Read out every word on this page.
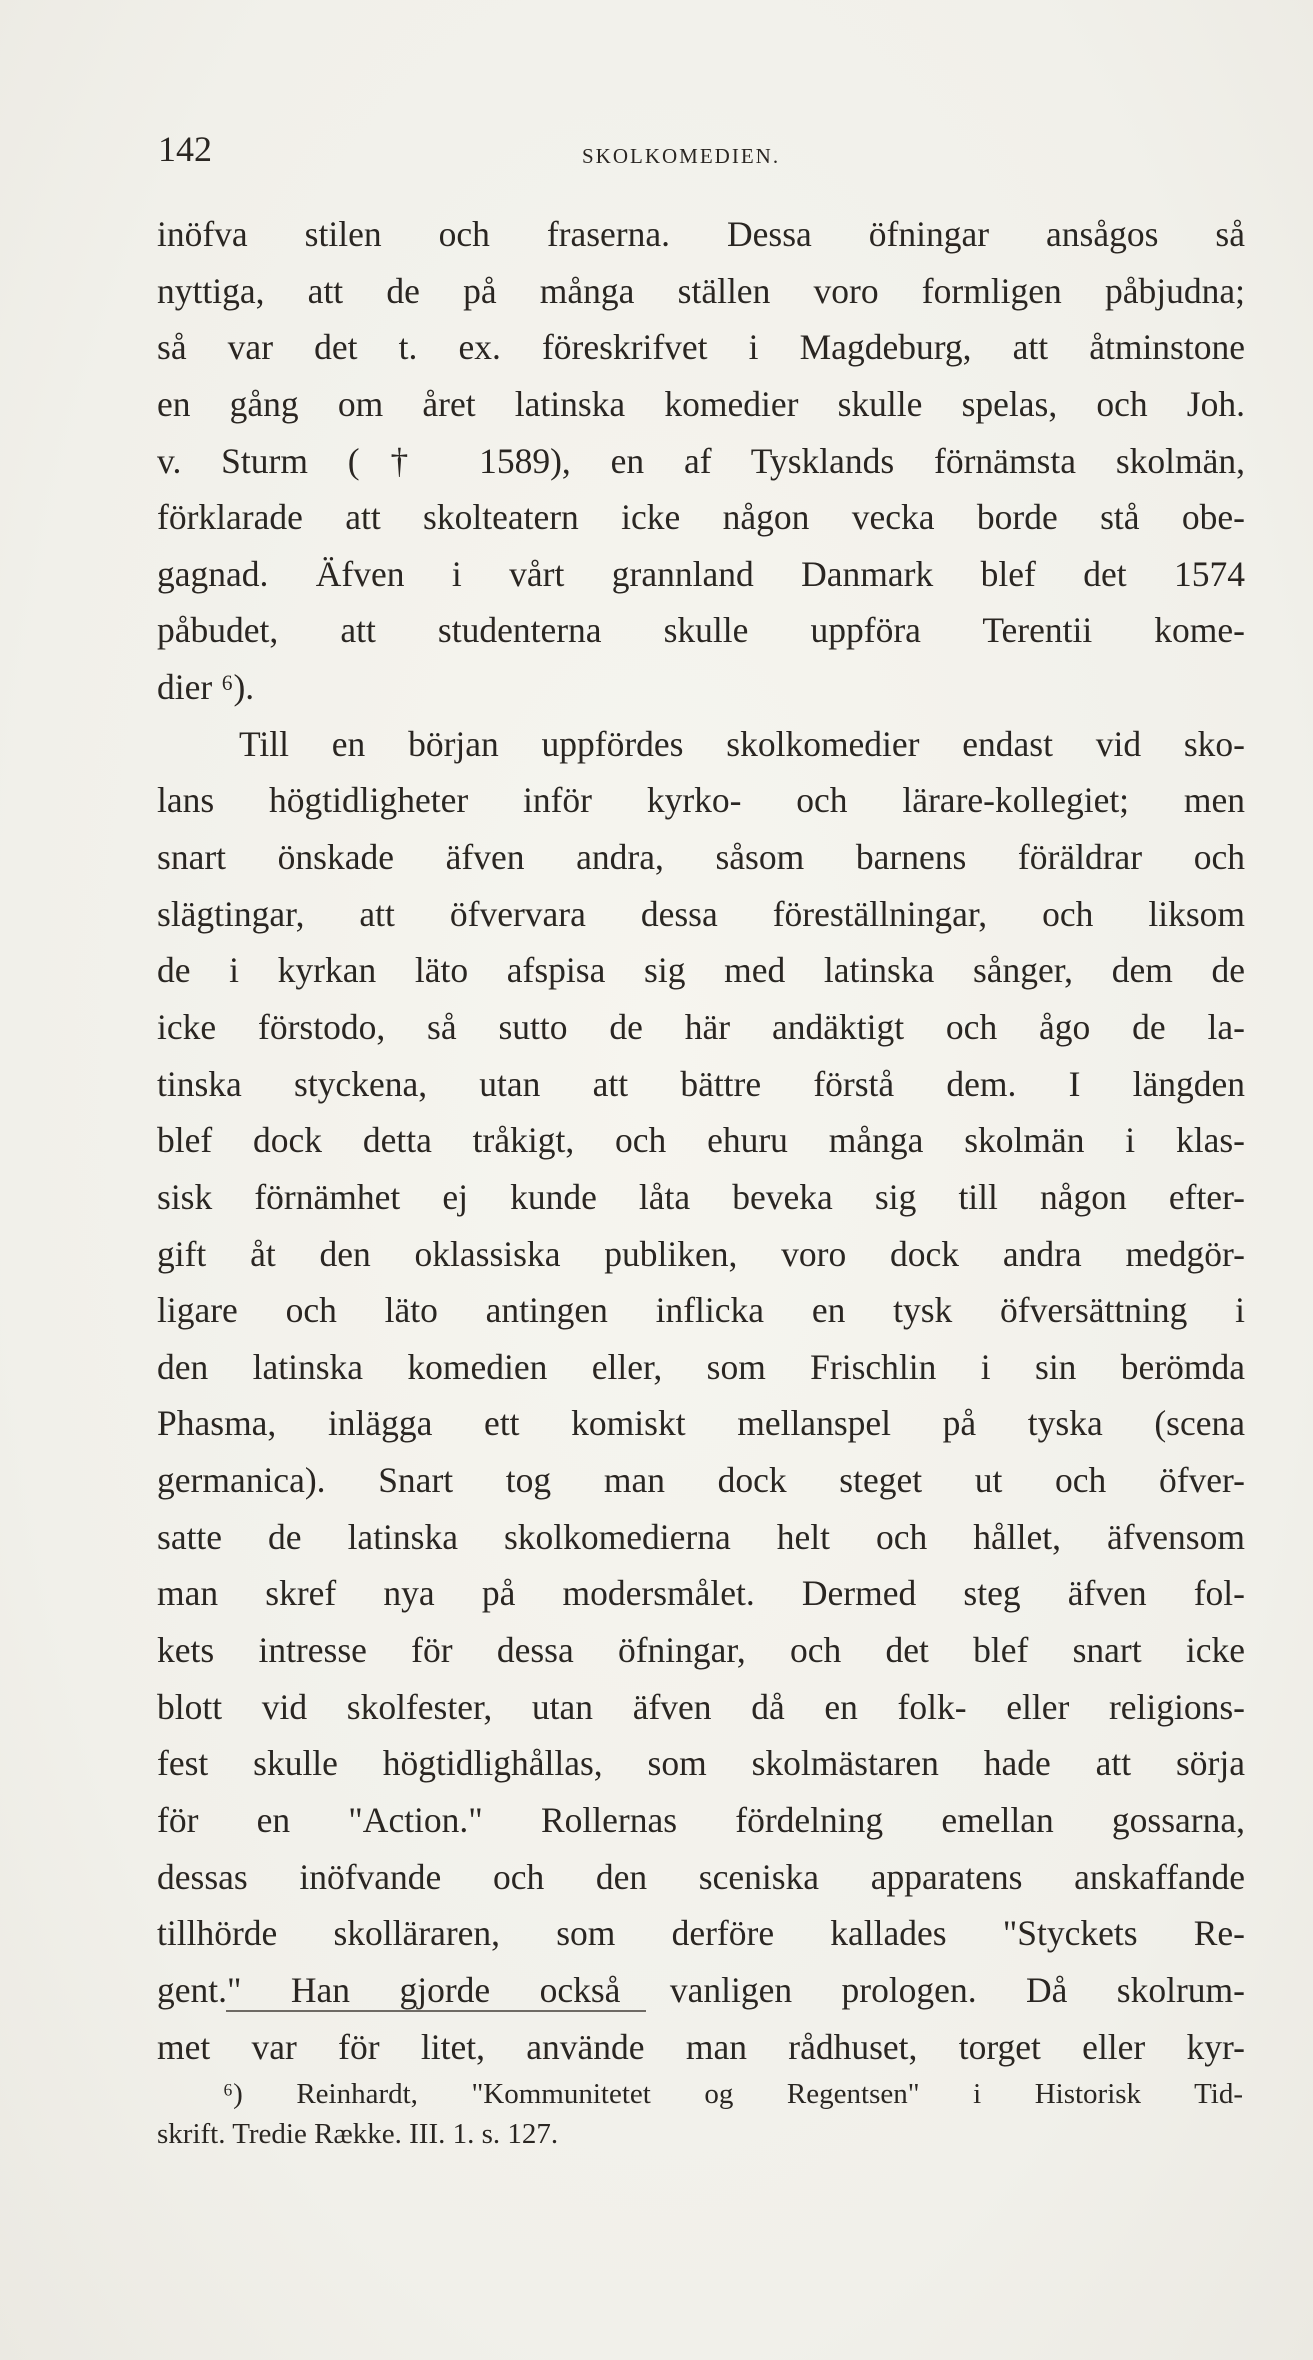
142	SKOLKOMEDIEN.
inöfva stilen och fraserna. Dessa öfningar ansågos så
nyttiga, att de på många ställen voro formligen påbjudna;
så var det t. ex. föreskrifvet i Magdeburg, att åtminstone
en gång om året latinska komedier skulle spelas, och Joh.
v. Sturm († 1589), en af Tysklands förnämsta skolmän,
förklarade att skolteatern icke någon vecka borde stå obe-
gagnad. Äfven i vårt grannland Danmark blef det 1574
påbudet, att studenterna skulle uppföra Terentii kome-
dier ⁶).
Till en början uppfördes skolkomedier endast vid sko-
lans högtidligheter inför kyrko- och lärare-kollegiet; men
snart önskade äfven andra, såsom barnens föräldrar och
slägtingar, att öfvervara dessa föreställningar, och liksom
de i kyrkan läto afspisa sig med latinska sånger, dem de
icke förstodo, så sutto de här andäktigt och ågo de la-
tinska styckena, utan att bättre förstå dem. I längden
blef dock detta tråkigt, och ehuru många skolmän i klas-
sisk förnämhet ej kunde låta beveka sig till någon efter-
gift åt den oklassiska publiken, voro dock andra medgör-
ligare och läto antingen inflicka en tysk öfversättning i
den latinska komedien eller, som Frischlin i sin berömda
Phasma, inlägga ett komiskt mellanspel på tyska (scena
germanica). Snart tog man dock steget ut och öfver-
satte de latinska skolkomedierna helt och hållet, äfvensom
man skref nya på modersmålet. Dermed steg äfven fol-
kets intresse för dessa öfningar, och det blef snart icke
blott vid skolfester, utan äfven då en folk- eller religions-
fest skulle högtidlighållas, som skolmästaren hade att sörja
för en "Action." Rollernas fördelning emellan gossarna,
dessas inöfvande och den sceniska apparatens anskaffande
tillhörde skolläraren, som derföre kallades "Styckets Re-
gent." Han gjorde också vanligen prologen. Då skolrum-
met var för litet, använde man rådhuset, torget eller kyr-
⁶) Reinhardt, "Kommunitetet og Regentsen" i Historisk Tid-
skrift. Tredie Række. III. 1. s. 127.
